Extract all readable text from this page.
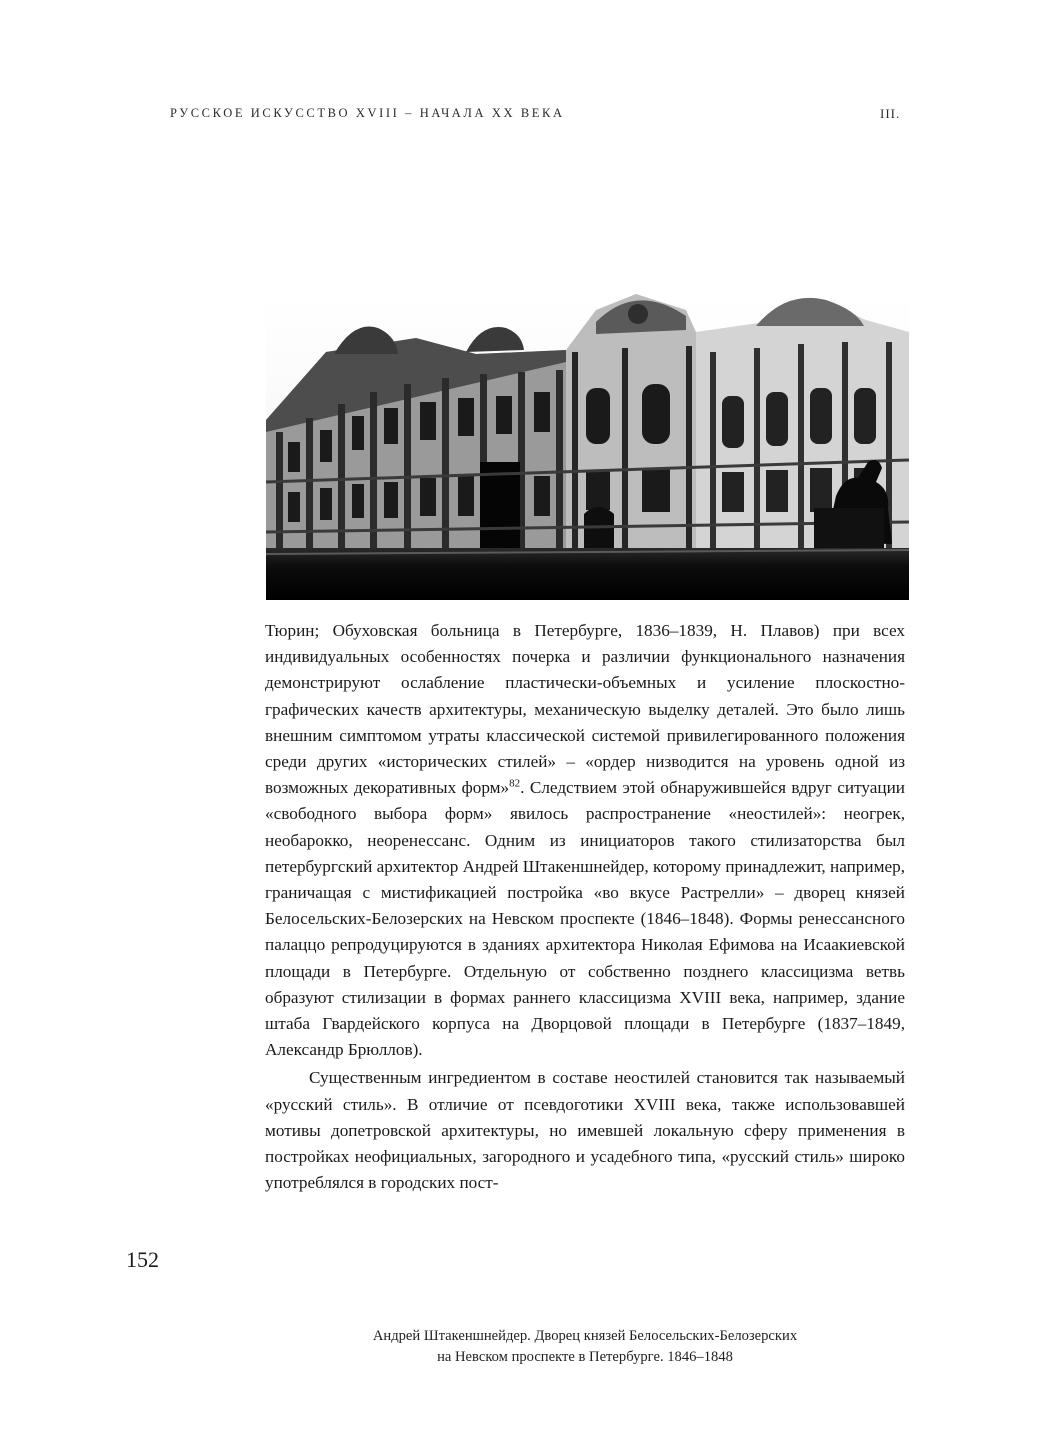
РУССКОЕ ИСКУССТВО XVIII – НАЧАЛА XX ВЕКА	III.

Тюрин; Обуховская больница в Петербурге, 1836–1839, Н. Плавов) при всех индивидуальных особенностях почерка и различии функционального назначения демонстрируют ослабление пластически-объемных и усиление плоскостно-графических качеств архитектуры, механическую выделку деталей. Это было лишь внешним симптомом утраты классической системой привилегированного положения среди других «исторических стилей» – «ордер низводится на уровень одной из возможных декоративных форм»$^{82}$. Следствием этой обнаружившейся вдруг ситуации «свободного выбора форм» явилось распространение «неостилей»: неогрек, необарокко, неоренессанс. Одним из инициаторов такого стилизаторства был петербургский архитектор Андрей Штакеншнейдер, которому принадлежит, например, граничащая с мистификацией постройка «во вкусе Растрелли» – дворец князей Белосельских-Белозерских на Невском проспекте (1846–1848). Формы ренессансного палаццо репродуцируются в зданиях архитектора Николая Ефимова на Исаакиевской площади в Петербурге. Отдельную от собственно позднего классицизма ветвь образуют стилизации в формах раннего классицизма XVIII века, например, здание штаба Гвардейского корпуса на Дворцовой площади в Петербурге (1837–1849, Александр Брюллов).

Существенным ингредиентом в составе неостилей становится так называемый «русский стиль». В отличие от псевдоготики XVIII века, также использовавшей мотивы допетровской архитектуры, но имевшей локальную сферу применения в постройках неофициальных, загородного и усадебного типа, «русский стиль» широко употреблялся в городских пост-

152
Андрей Штакеншнейдер. Дворец князей Белосельских-Белозерских
на Невском проспекте в Петербурге. 1846–1848
